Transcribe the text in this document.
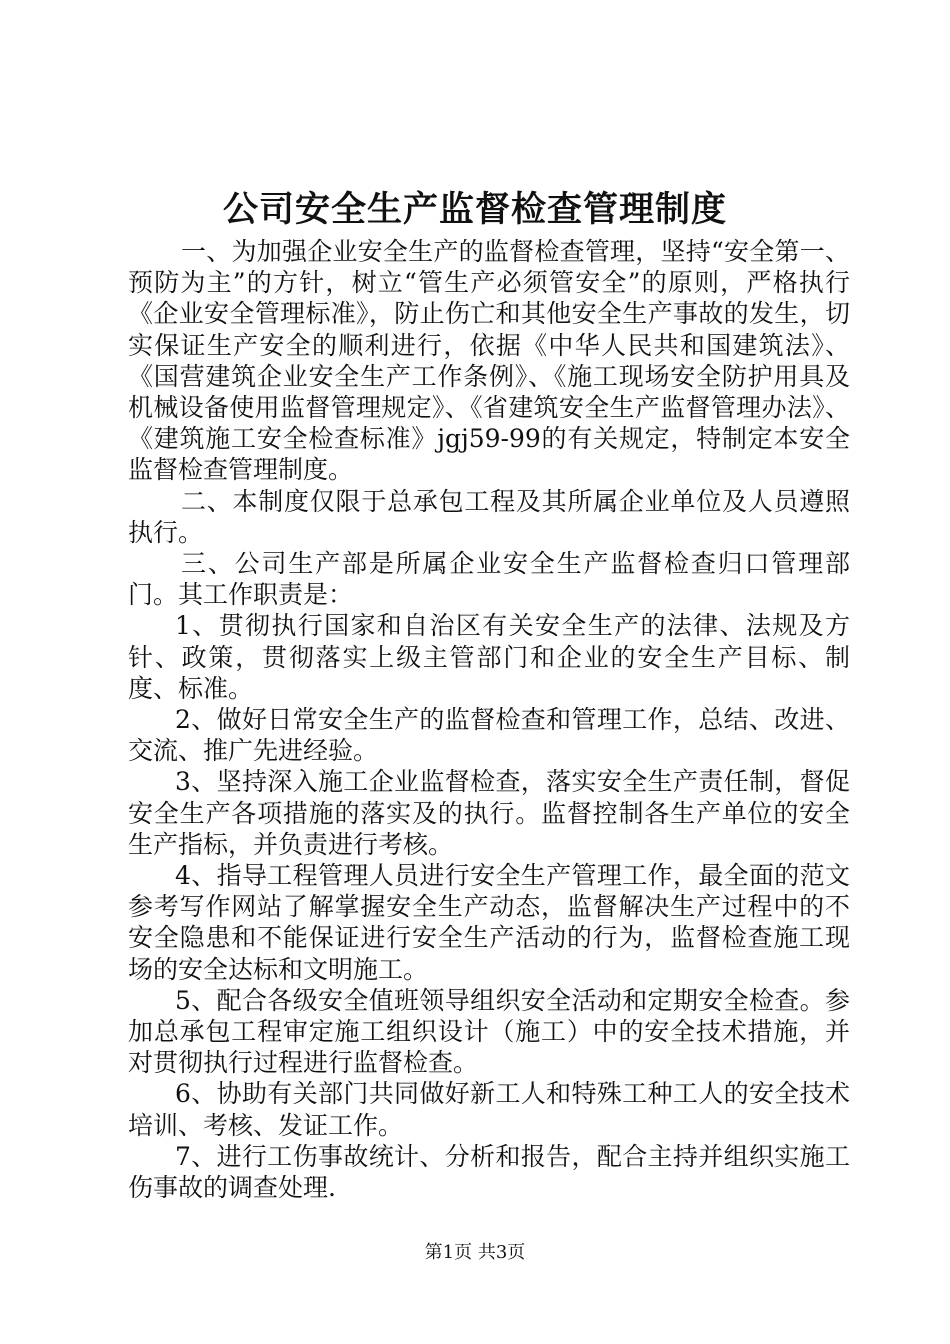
公司安全生产监督检查管理制度

一、为加强企业安全生产的监督检查管理，坚持“安全第一、预防为主”的方针，树立“管生产必须管安全”的原则，严格执行《企业安全管理标准》，防止伤亡和其他安全生产事故的发生，切实保证生产安全的顺利进行，依据《中华人民共和国建筑法》、《国营建筑企业安全生产工作条例》、《施工现场安全防护用具及机械设备使用监督管理规定》、《省建筑安全生产监督管理办法》、《建筑施工安全检查标准》jgj59-99的有关规定，特制定本安全监督检查管理制度。

二、本制度仅限于总承包工程及其所属企业单位及人员遵照执行。

三、公司生产部是所属企业安全生产监督检查归口管理部门。其工作职责是：

1、贯彻执行国家和自治区有关安全生产的法律、法规及方针、政策，贯彻落实上级主管部门和企业的安全生产目标、制度、标准。

2、做好日常安全生产的监督检查和管理工作，总结、改进、交流、推广先进经验。

3、坚持深入施工企业监督检查，落实安全生产责任制，督促安全生产各项措施的落实及的执行。监督控制各生产单位的安全生产指标，并负责进行考核。

4、指导工程管理人员进行安全生产管理工作，最全面的范文参考写作网站了解掌握安全生产动态，监督解决生产过程中的不安全隐患和不能保证进行安全生产活动的行为，监督检查施工现场的安全达标和文明施工。

5、配合各级安全值班领导组织安全活动和定期安全检查。参加总承包工程审定施工组织设计（施工）中的安全技术措施，并对贯彻执行过程进行监督检查。

6、协助有关部门共同做好新工人和特殊工种工人的安全技术培训、考核、发证工作。

7、进行工伤事故统计、分析和报告，配合主持并组织实施工伤事故的调查处理.

第1页 共3页
